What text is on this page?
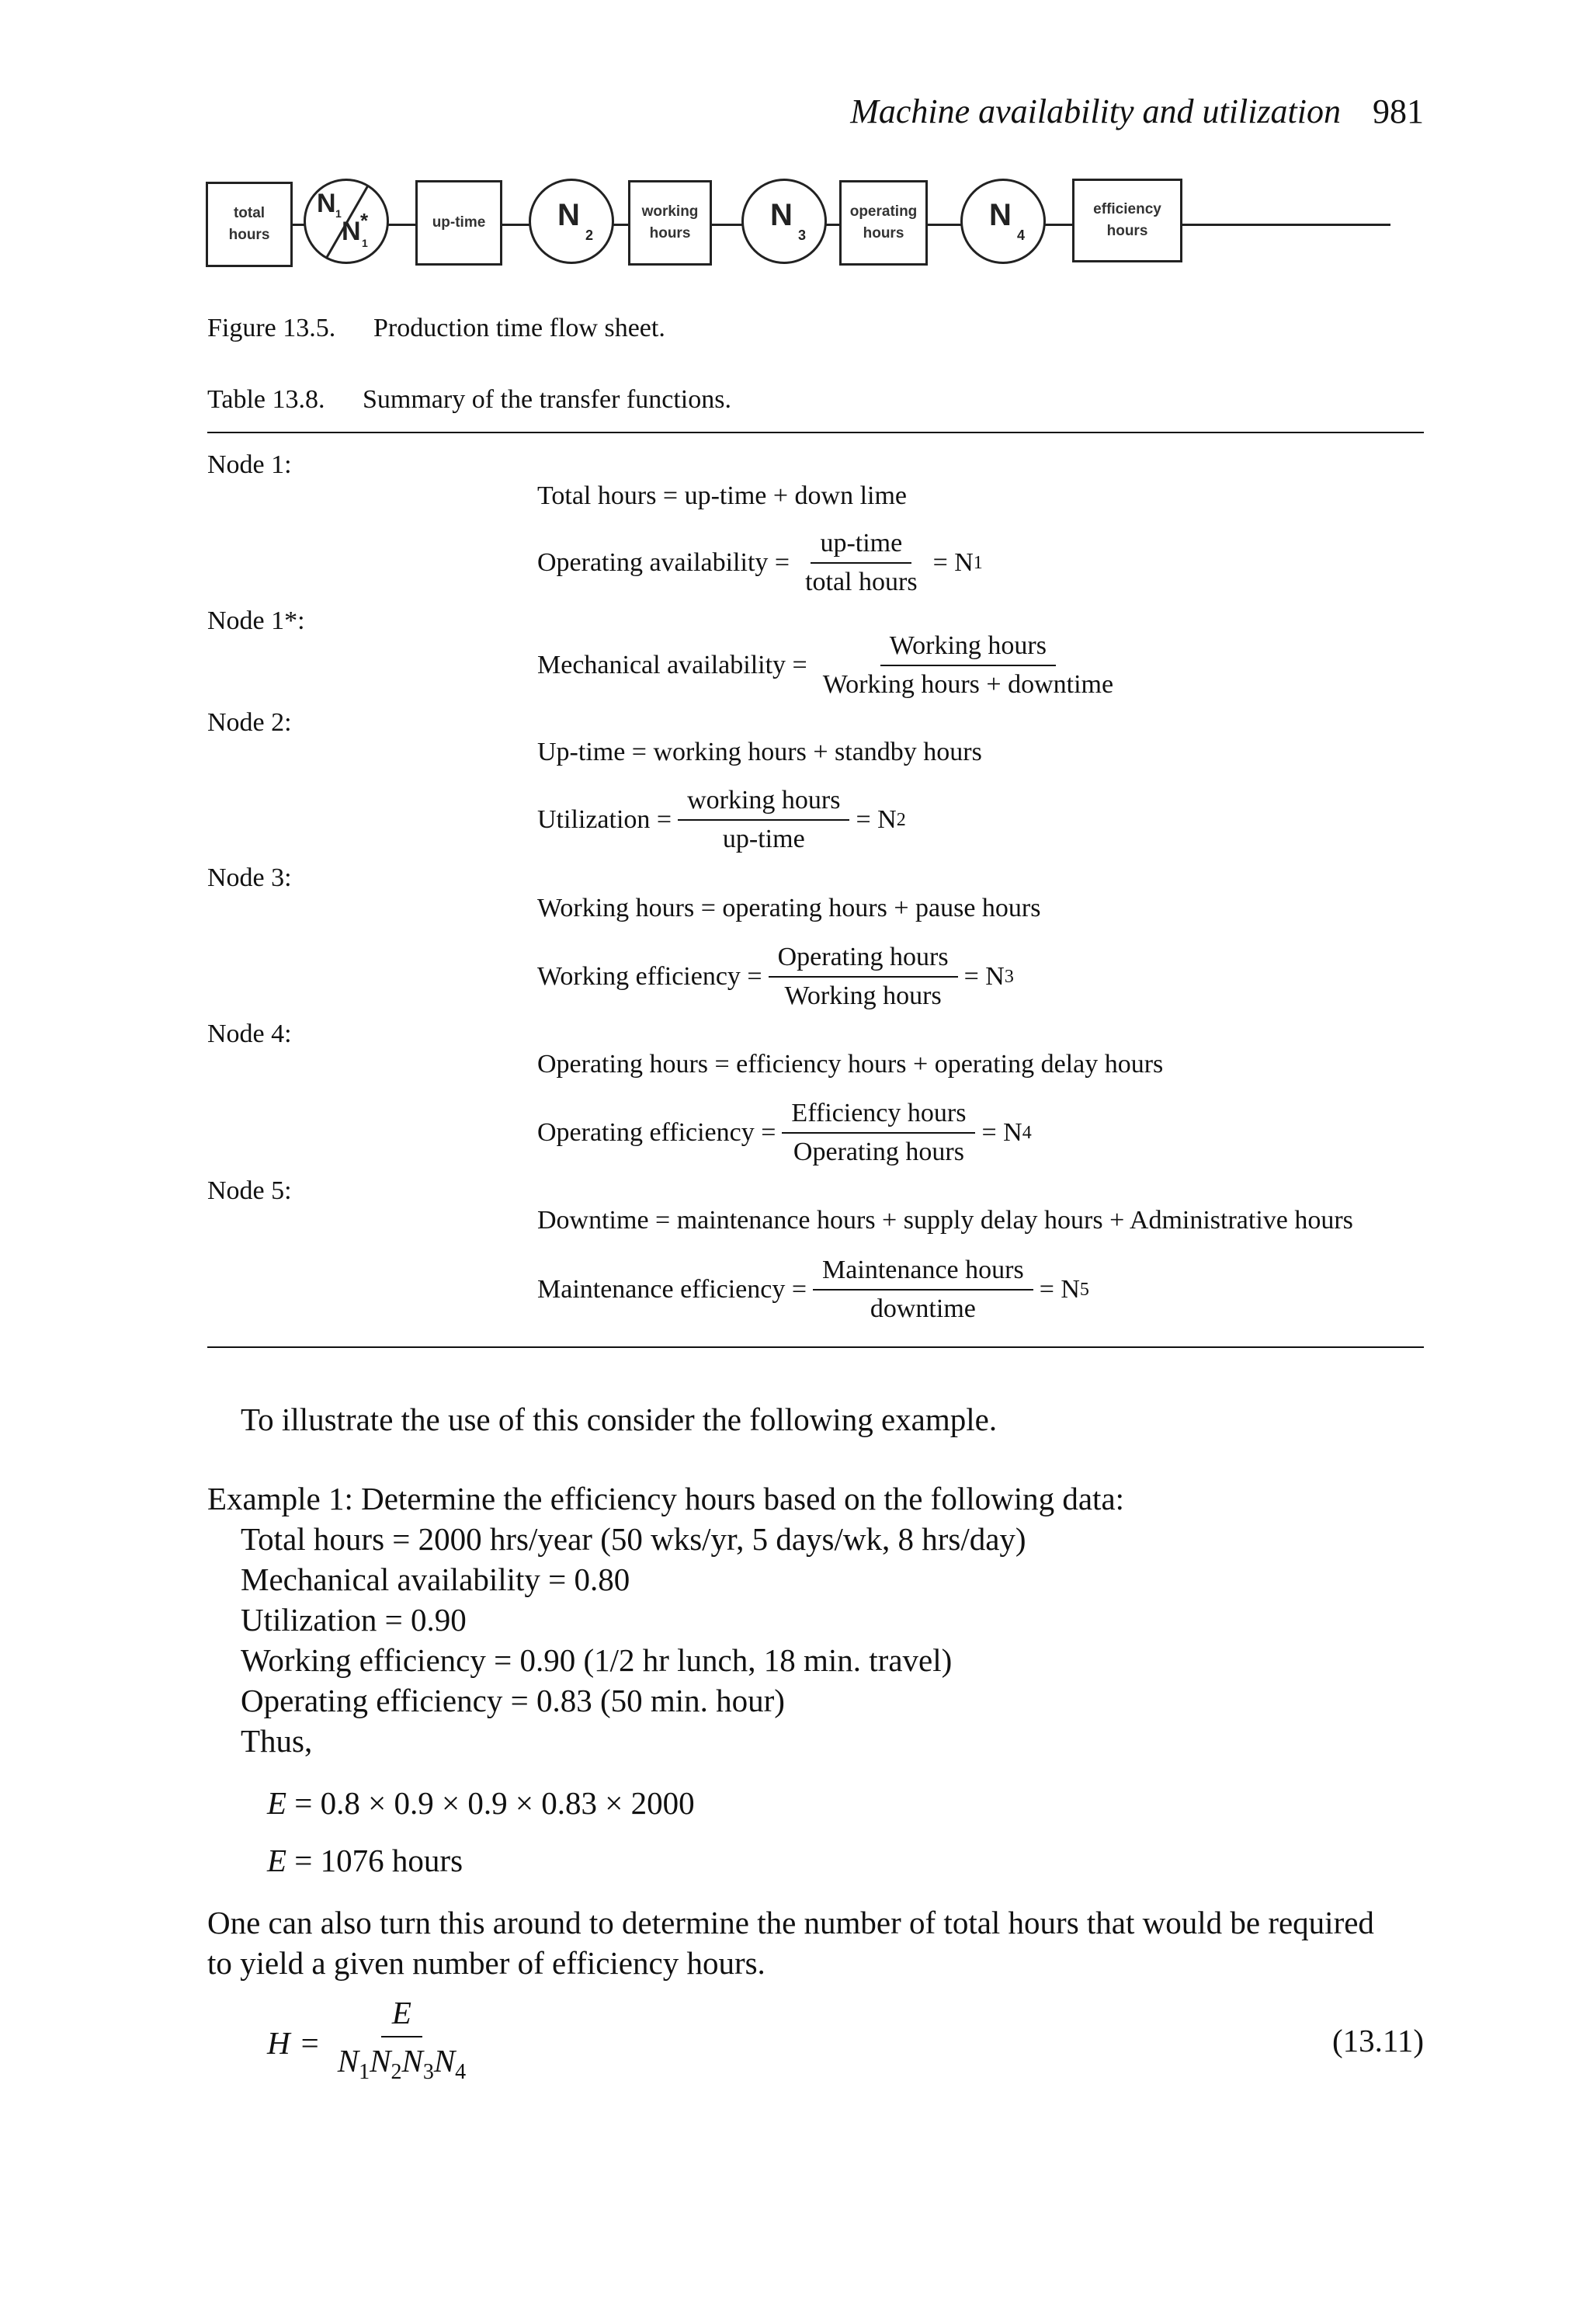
Machine availability and utilization 981
total
hours
N 1
N *
1
up-time N
2
working
hours
N
3
operating
hours
N
4
efficiency
hours
Figure 13.5. Production time flow sheet.
Table 13.8. Summary of the transfer functions.
Node 1:
Total hours = up-time + down lime
Operating availability = $\frac{\text{up-time}}{\text{total hours}} = N$ 1
Node 1*:
Mechanical availability = $\frac{\text{Working hours}}{\text{Working hours + downtime}}$
Node 2:
Up-time = working hours + standby hours
Utilization = $\frac{\text{working hours}}{\text{up-time}} = N$ 2
Node 3:
Working hours = operating hours + pause hours
Working efficiency = $\frac{\text{Operating hours}}{\text{Working hours}} = N$ 3
Node 4:
Operating hours = efficiency hours + operating delay hours
Operating efficiency = $\frac{\text{Efficiency hours}}{\text{Operating hours}} = N$ 4
Node 5:
Downtime = maintenance hours + supply delay hours + Administrative hours
Maintenance efficiency = $\frac{\text{Maintenance hours}}{\text{downtime}} = N$ 5
To illustrate the use of this consider the following example.
Example 1: Determine the efficiency hours based on the following data:
Total hours = 2000 hrs/year (50 wks/yr, 5 days/wk, 8 hrs/day)
Mechanical availability = 0.80
Utilization = 0.90
Working efficiency = 0.90 (1/2 hr lunch, 18 min. travel)
Operating efficiency = 0.83 (50 min. hour)
Thus,
E = 0.8 × 0.9 × 0.9 × 0.83 × 2000
E = 1076 hours
One can also turn this around to determine the number of total hours that would be required
to yield a given number of efficiency hours.
$H = \frac{E}{N_1N_2N_3N_4}$	(13.11)
